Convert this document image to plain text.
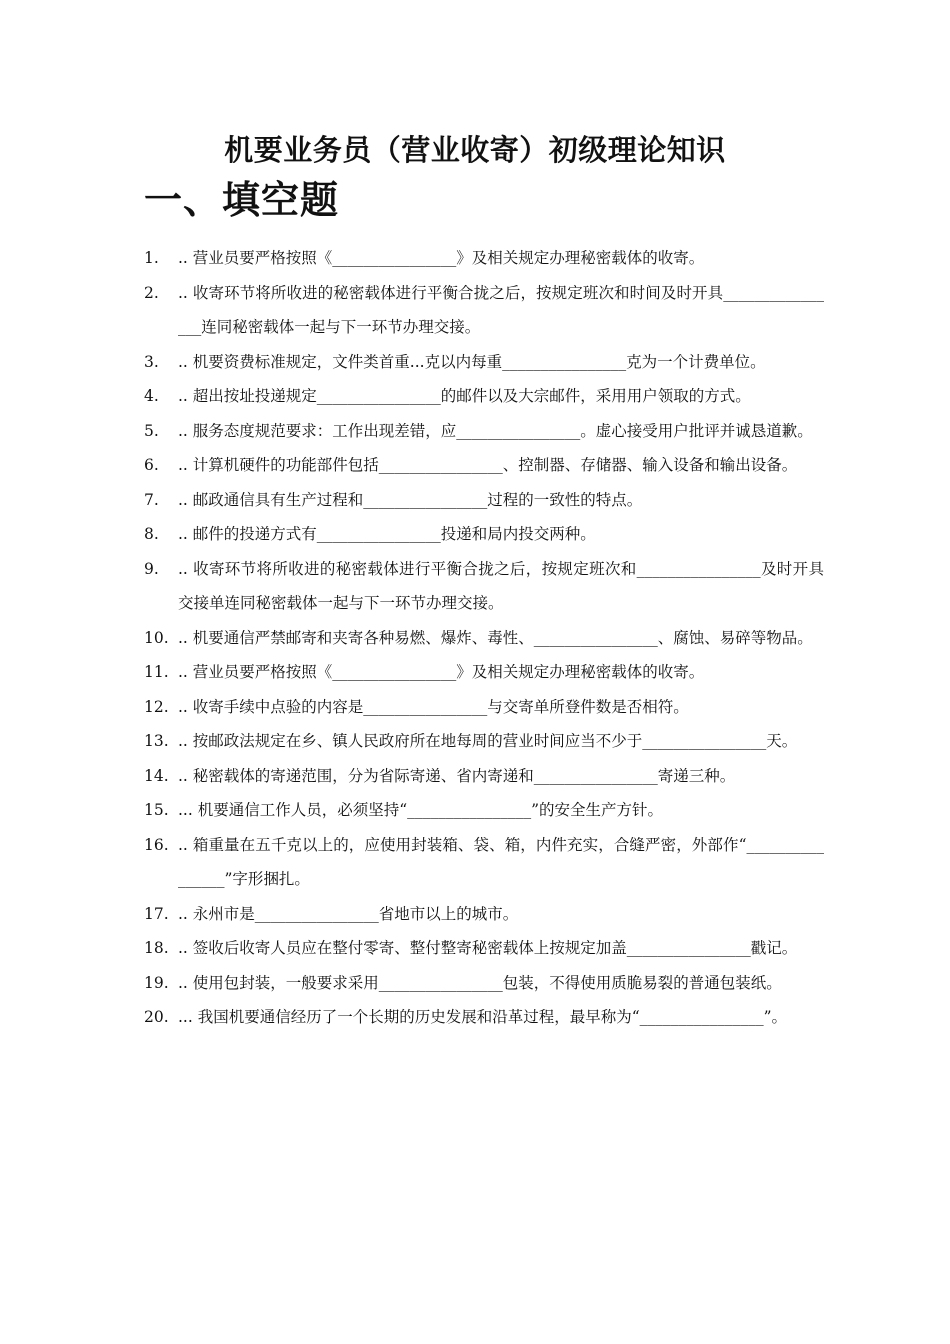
机要业务员（营业收寄）初级理论知识
一、填空题
1.	.. 营业员要严格按照《________________》及相关规定办理秘密载体的收寄。
2.	.. 收寄环节将所收进的秘密载体进行平衡合拢之后，按规定班次和时间及时开具________________连同秘密载体一起与下一环节办理交接。
3.	.. 机要资费标准规定，文件类首重...克以内每重________________克为一个计费单位。
4.	.. 超出按址投递规定________________的邮件以及大宗邮件，采用用户领取的方式。
5.	.. 服务态度规范要求：工作出现差错，应________________。虚心接受用户批评并诚恳道歉。
6.	.. 计算机硬件的功能部件包括________________、控制器、存储器、输入设备和输出设备。
7.	.. 邮政通信具有生产过程和________________过程的一致性的特点。
8.	.. 邮件的投递方式有________________投递和局内投交两种。
9.	.. 收寄环节将所收进的秘密载体进行平衡合拢之后，按规定班次和________________及时开具交接单连同秘密载体一起与下一环节办理交接。
10. .. 机要通信严禁邮寄和夹寄各种易燃、爆炸、毒性、________________、腐蚀、易碎等物品。
11. .. 营业员要严格按照《________________》及相关规定办理秘密载体的收寄。
12. .. 收寄手续中点验的内容是________________与交寄单所登件数是否相符。
13. .. 按邮政法规定在乡、镇人民政府所在地每周的营业时间应当不少于________________天。
14. .. 秘密载体的寄递范围，分为省际寄递、省内寄递和________________寄递三种。
15. ... 机要通信工作人员，必须坚持“________________”的安全生产方针。
16. .. 箱重量在五千克以上的，应使用封装箱、袋、箱，内件充实，合缝严密，外部作“________________”字形捆扎。
17. .. 永州市是________________省地市以上的城市。
18. .. 签收后收寄人员应在整付零寄、整付整寄秘密载体上按规定加盖________________戳记。
19. .. 使用包封装，一般要求采用________________包装，不得使用质脆易裂的普通包装纸。
20. ... 我国机要通信经历了一个长期的历史发展和沿革过程，最早称为“________________”。
